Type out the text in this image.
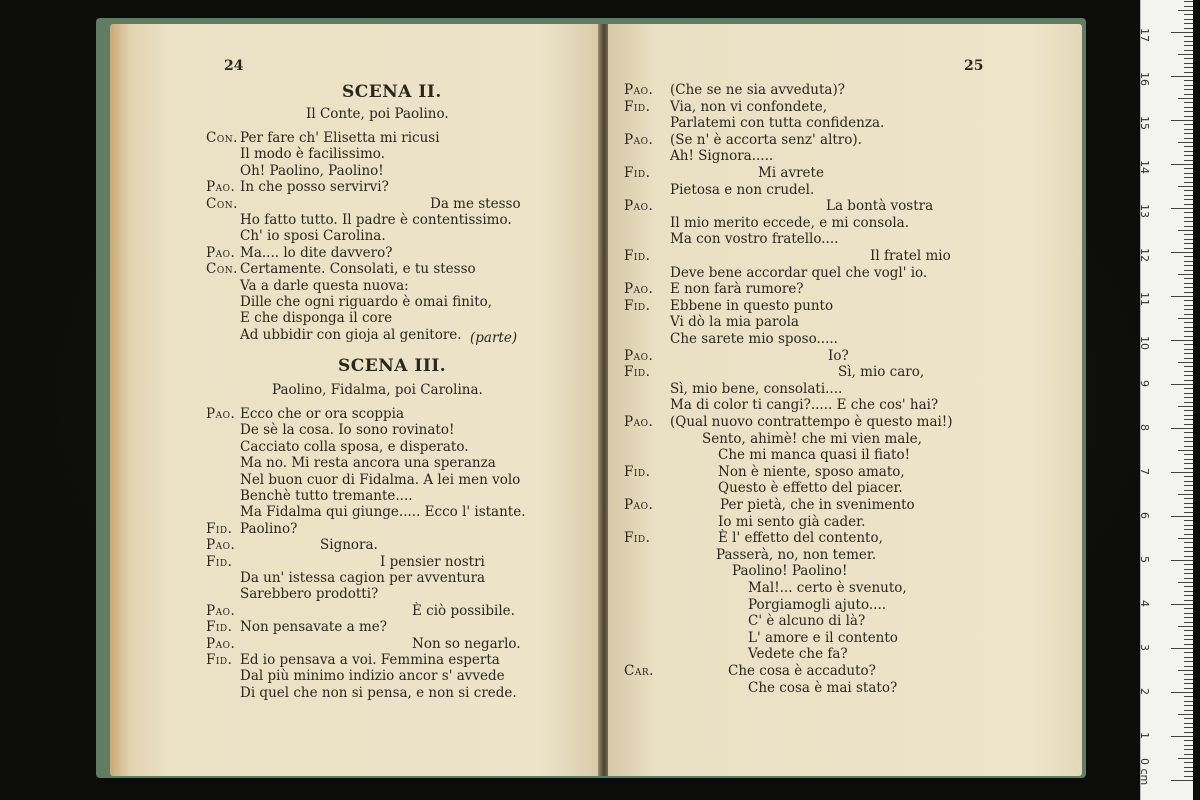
24
SCENA II.
Il Conte, poi Paolino.
Con. Per fare ch' Elisetta mi ricusi
Il modo è facilissimo.
Oh! Paolino, Paolino!
Pao. In che posso servirvi?
Con.	Da me stesso
Ho fatto tutto. Il padre è contentissimo.
Ch' io sposi Carolina.
Pao. Ma.... lo dite davvero?
Con. Certamente. Consolati, e tu stesso
Va a darle questa nuova:
Dille che ogni riguardo è omai finito,
E che disponga il core
Ad ubbidir con gioja al genitore. (parte)
SCENA III.
Paolino, Fidalma, poi Carolina.
Pao. Ecco che or ora scoppia
De sè la cosa. Io sono rovinato!
Cacciato colla sposa, e disperato.
Ma no. Mi resta ancora una speranza
Nel buon cuor di Fidalma. A lei men volo
Benchè tutto tremante....
Ma Fidalma qui giunge..... Ecco l' istante.
Fid. Paolino?
Pao.	Signora.
Fid.	I pensier nostri
Da un' istessa cagion per avventura
Sarebbero prodotti?
Pao.	È ciò possibile.
Fid. Non pensavate a me?
Pao.	Non so negarlo.
Fid. Ed io pensava a voi. Femmina esperta
Dal più minimo indizio ancor s' avvede
Di quel che non si pensa, e non si crede.
25
Pao. (Che se ne sia avveduta)?
Fid. Via, non vi confondete,
Parlatemi con tutta confidenza.
Pao. (Se n' è accorta senz' altro).
Ah! Signora.....
Fid.	Mi avrete
Pietosa e non crudel.
Pao.	La bontà vostra
Il mio merito eccede, e mi consola.
Ma con vostro fratello....
Fid.	Il fratel mio
Deve bene accordar quel che vogl' io.
Pao. E non farà rumore?
Fid. Ebbene in questo punto
Vi dò la mia parola
Che sarete mio sposo.....
Pao.	Io?
Fid.	Sì, mio caro,
Sì, mio bene, consolati....
Ma di color ti cangi?..... E che cos' hai?
Pao. (Qual nuovo contrattempo è questo mai!)
Sento, ahimè! che mi vien male,
Che mi manca quasi il fiato!
Fid.	Non è niente, sposo amato,
Questo è effetto del piacer.
Pao.	Per pietà, che in svenimento
Io mi sento già cader.
Fid.	È l' effetto del contento,
Passerà, no, non temer.
Paolino! Paolino!
Mal!... certo è svenuto,
Porgiamogli ajuto....
C' è alcuno di là?
L' amore e il contento
Vedete che fa?
Car.	Che cosa è accaduto?
Che cosa è mai stato?
1
2
3
4
5
6
7
8
9
10
11
12
13
14
15
16
17
0 cm
